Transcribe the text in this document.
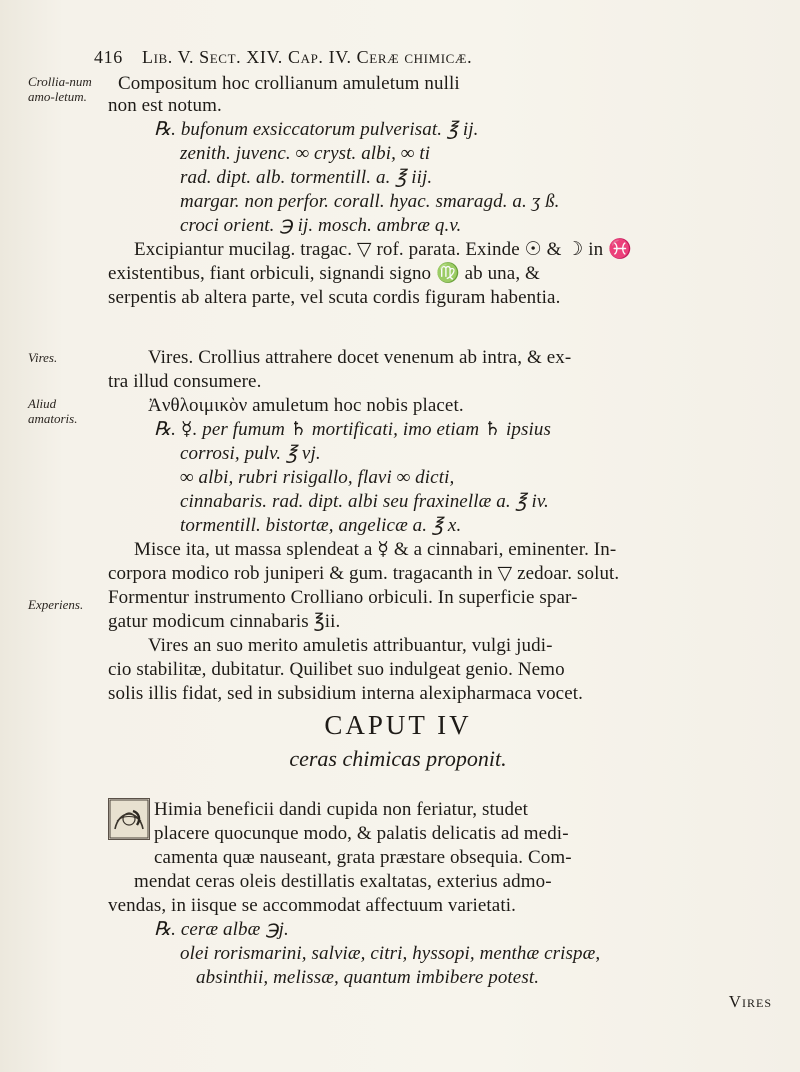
416 Lib. V. Sect. XIV. Cap. IV. Ceræ chimicæ.
Crollia-num amo-letum.
Vires.
Aliud amatoris.
Experiens.
Compositum hoc crollianum amuletum nulli
non est notum.
℞. bufonum exsiccatorum pulverisat. ℥ ij.
zenith. juvenc. ∞ cryst. albi, ∞ ti
rad. dipt. alb. tormentill. a. ℥ iij.
margar. non perfor. corall. hyac. smaragd. a. ʒ ß.
croci orient. ℈ ij. mosch. ambræ q.v.
Excipiantur mucilag. tragac. ▽ rof. parata. Exinde ☉ & ☽ in ♓
existentibus, fiant orbiculi, signandi signo ♍ ab una, &
serpentis ab altera parte, vel scuta cordis figuram habentia.
Vires. Crollius attrahere docet venenum ab intra, & ex-
tra illud consumere.
Ἀνθλοιμικὸν amuletum hoc nobis placet.
℞. ☿. per fumum ♄ mortificati, imo etiam ♄ ipsius
corrosi, pulv. ℥ vj.
∞ albi, rubri risigallo, flavi ∞ dicti,
cinnabaris. rad. dipt. albi seu fraxinellæ a. ℥ iv.
tormentill. bistortæ, angelicæ a. ℥ x.
Misce ita, ut massa splendeat a ☿ & a cinnabari, eminenter. In-
corpora modico rob juniperi & gum. tragacanth in ▽ zedoar. solut.
Formentur instrumento Crolliano orbiculi. In superficie spar-
gatur modicum cinnabaris ℥ii.
Vires an suo merito amuletis attribuantur, vulgi judi-
cio stabilitæ, dubitatur. Quilibet suo indulgeat genio. Nemo
solis illis fidat, sed in subsidium interna alexipharmaca vocet.
CAPUT IV
ceras chimicas proponit.
Himia beneficii dandi cupida non feriatur, studet
placere quocunque modo, & palatis delicatis ad medi-
camenta quæ nauseant, grata præstare obsequia. Com-
mendat ceras oleis destillatis exaltatas, exterius admo-
vendas, in iisque se accommodat affectuum varietati.
℞. ceræ albæ ℈j.
olei rorismarini, salviæ, citri, hyssopi, menthæ crispæ,
absinthii, melissæ, quantum imbibere potest.
Vires
